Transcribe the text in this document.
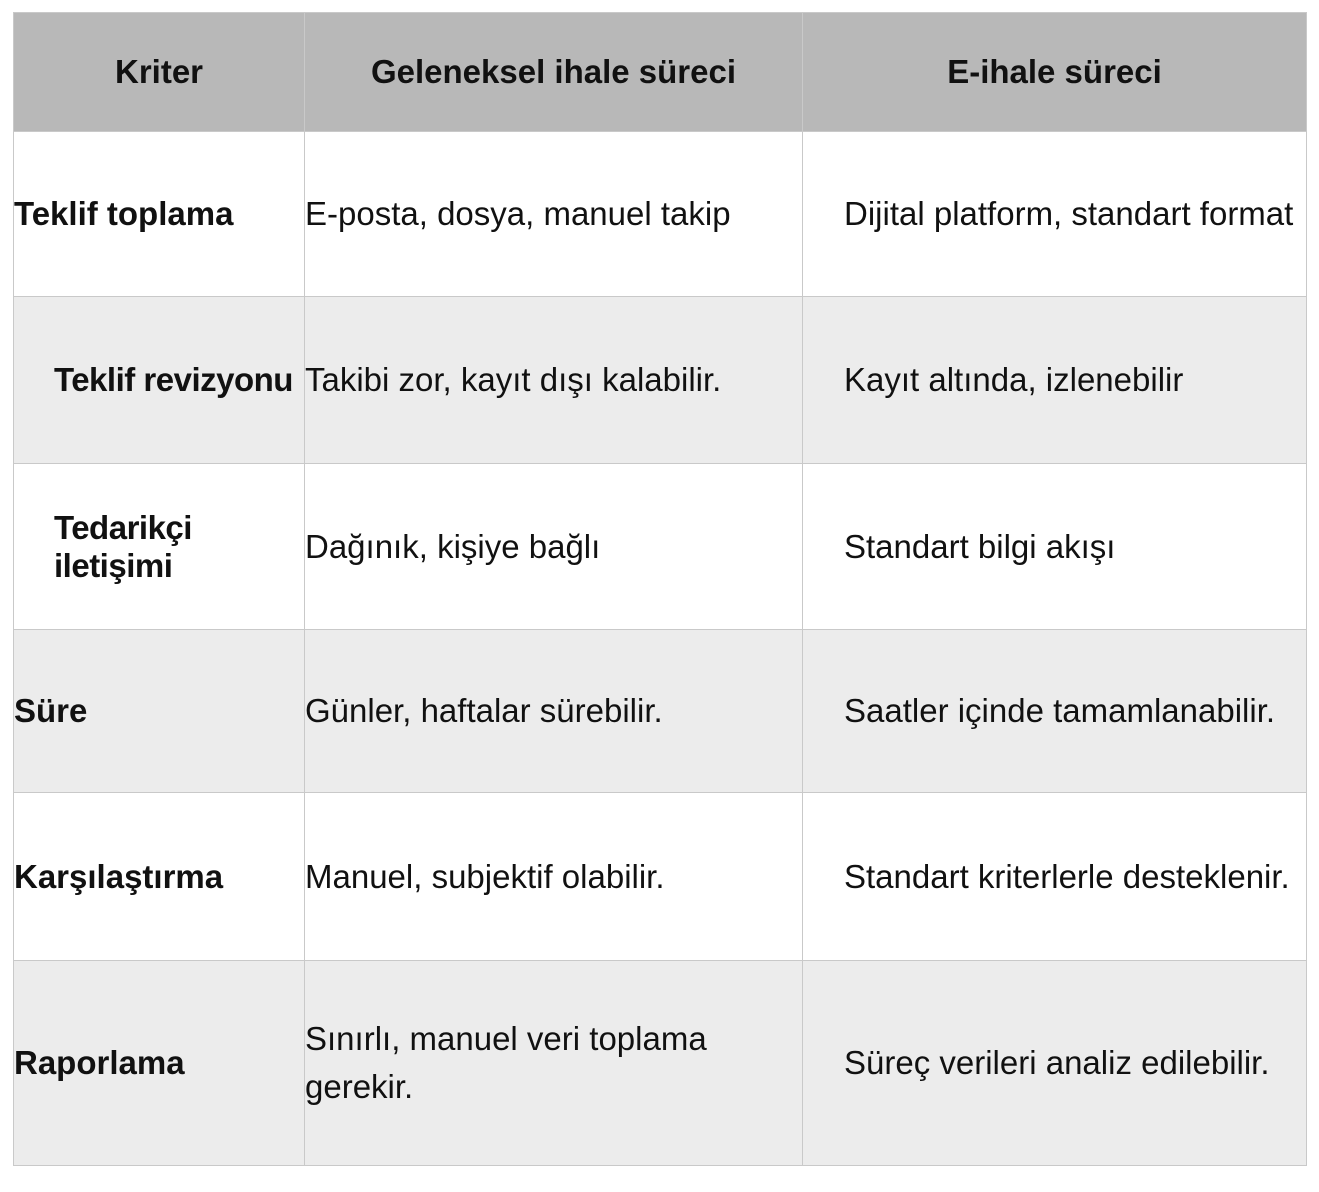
Kriter	Geleneksel ihale süreci	E-ihale süreci
Teklif toplama	E-posta, dosya, manuel takip	Dijital platform, standart format
Teklif revizyonu	Takibi zor, kayıt dışı kalabilir.	Kayıt altında, izlenebilir
Tedarikçi iletişimi	Dağınık, kişiye bağlı	Standart bilgi akışı
Süre	Günler, haftalar sürebilir.	Saatler içinde tamamlanabilir.
Karşılaştırma	Manuel, subjektif olabilir.	Standart kriterlerle desteklenir.
Raporlama	Sınırlı, manuel veri toplama gerekir.	Süreç verileri analiz edilebilir.
